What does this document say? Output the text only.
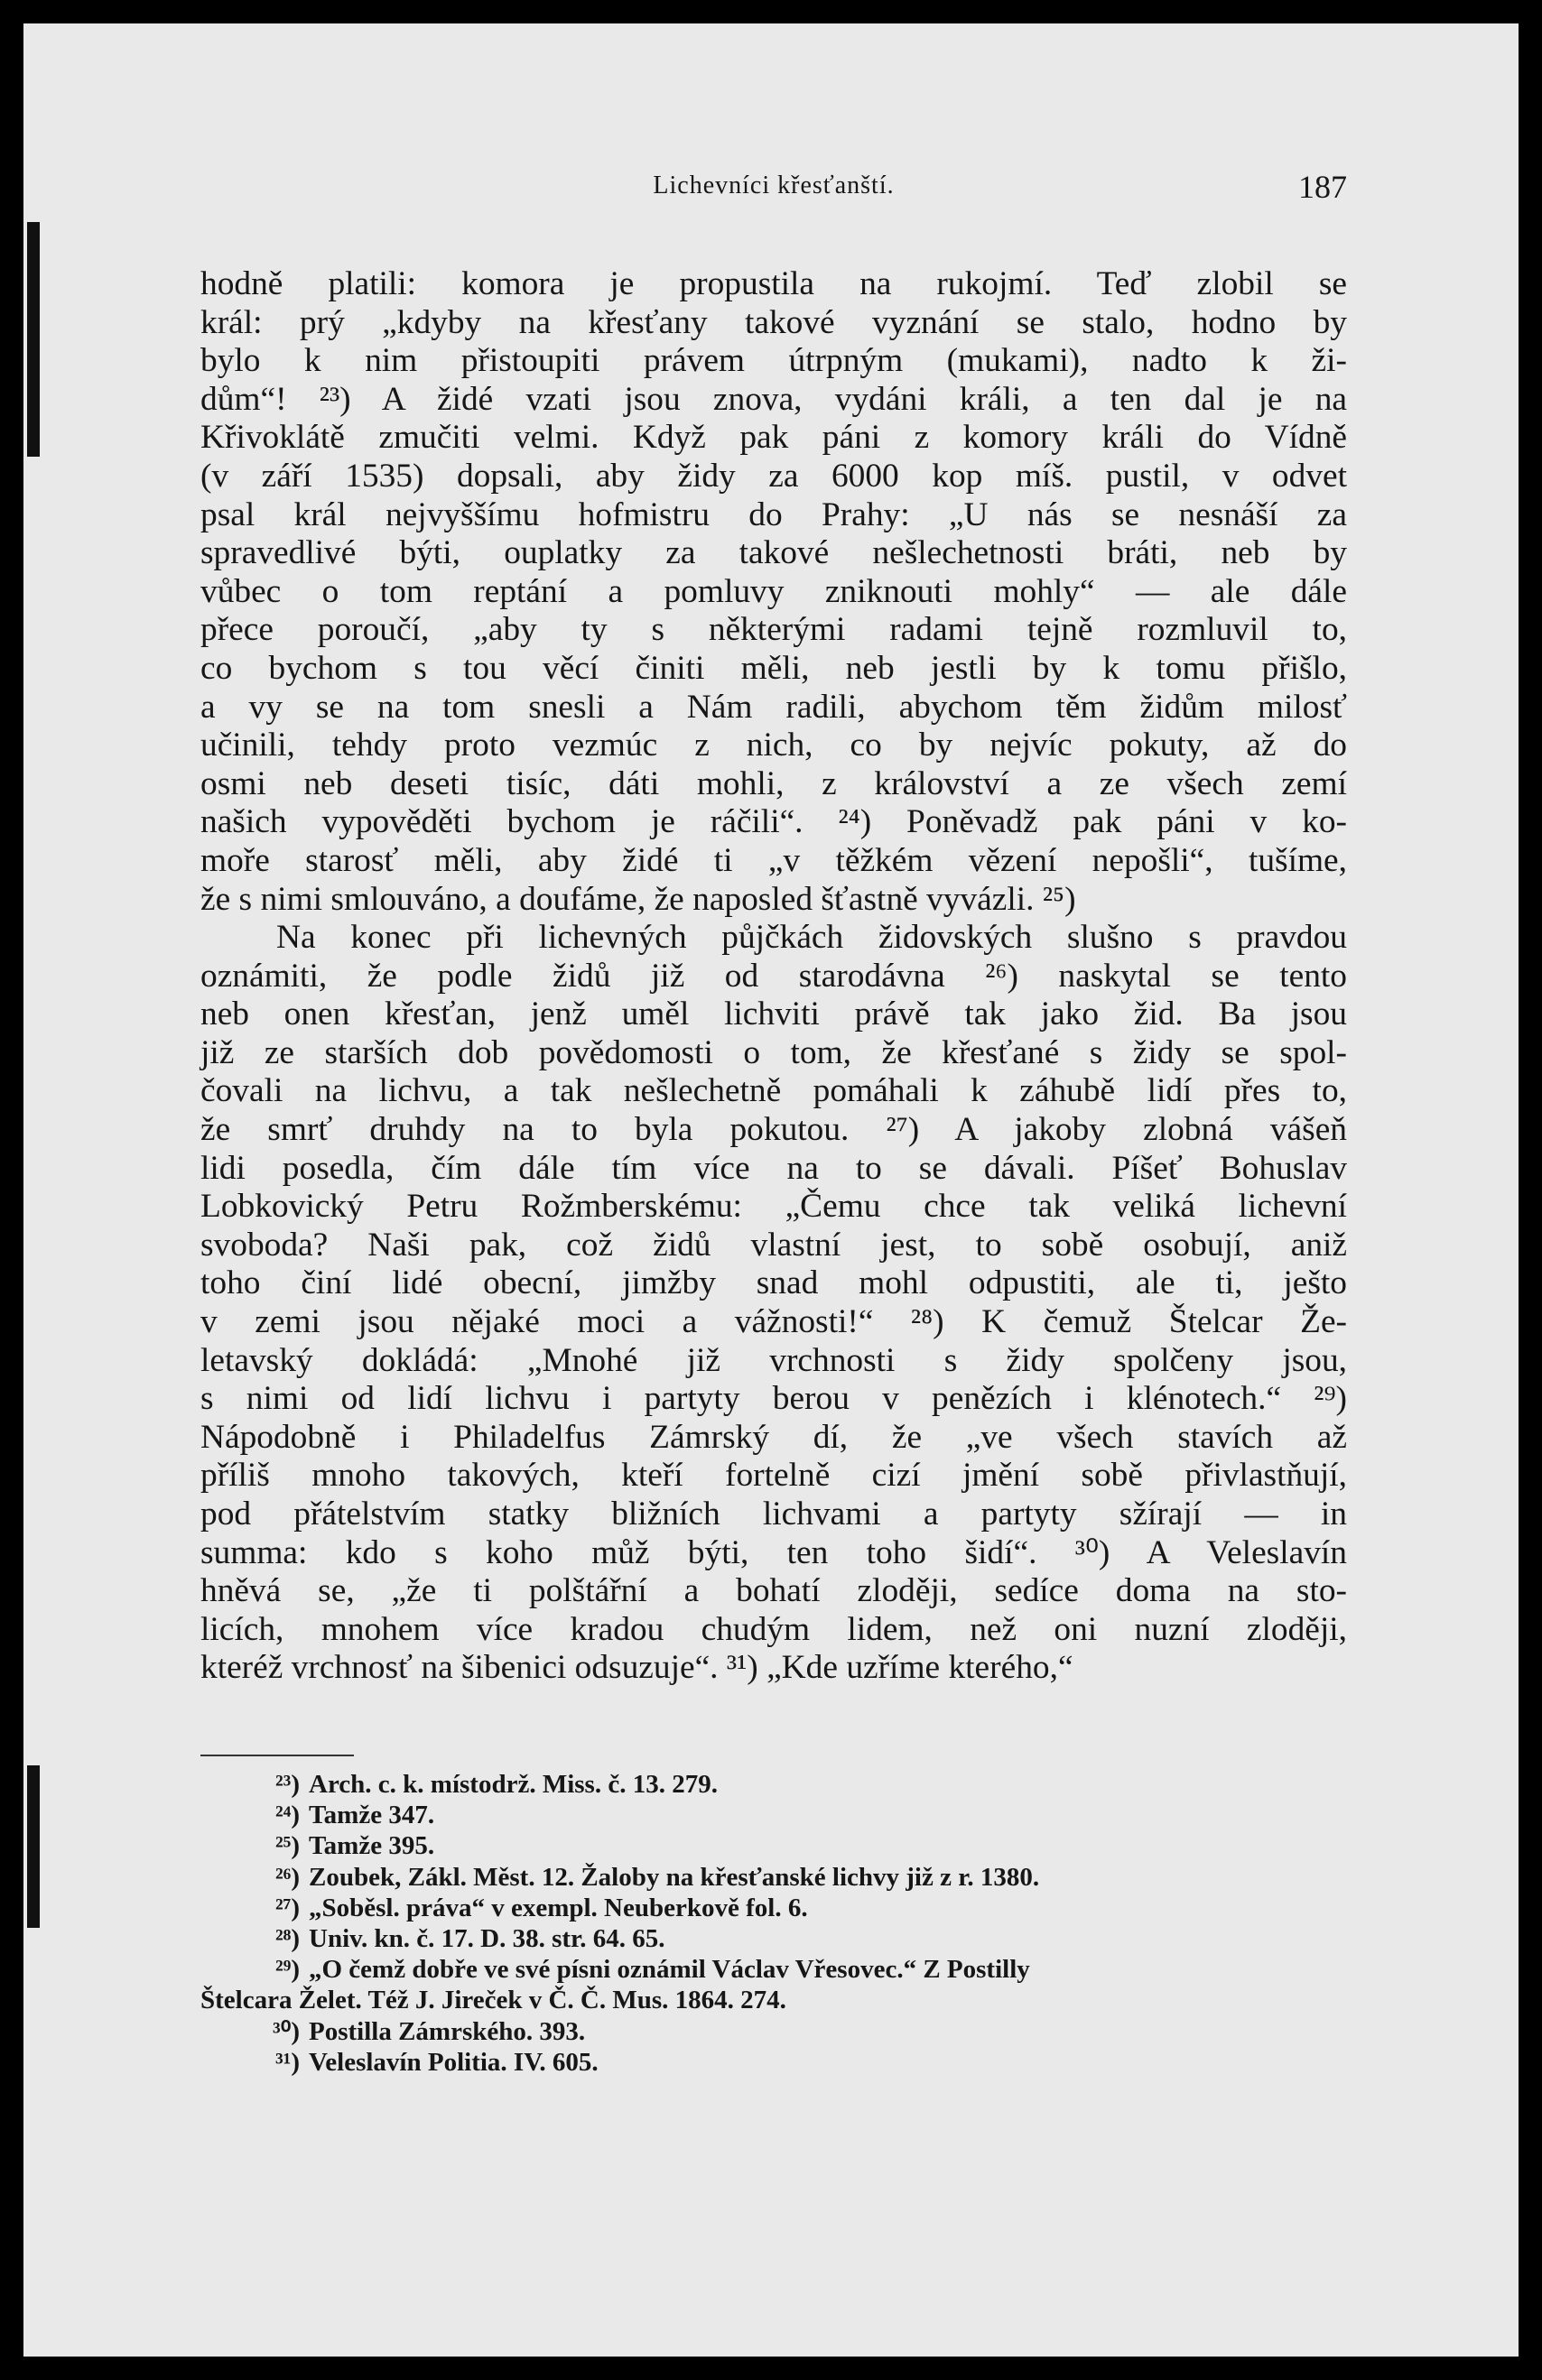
Lichevníci křesťanští.	187
hodně platili: komora je propustila na rukojmí. Teď zlobil se
král: prý „kdyby na křesťany takové vyznání se stalo, hodno by
bylo k nim přistoupiti právem útrpným (mukami), nadto k ži-
dům“! ²³) A židé vzati jsou znova, vydáni králi, a ten dal je na
Křivoklátě zmučiti velmi. Když pak páni z komory králi do Vídně
(v září 1535) dopsali, aby židy za 6000 kop míš. pustil, v odvet
psal král nejvyššímu hofmistru do Prahy: „U nás se nesnáší za
spravedlivé býti, ouplatky za takové nešlechetnosti bráti, neb by
vůbec o tom reptání a pomluvy zniknouti mohly“ — ale dále
přece poroučí, „aby ty s některými radami tejně rozmluvil to,
co bychom s tou věcí činiti měli, neb jestli by k tomu přišlo,
a vy se na tom snesli a Nám radili, abychom těm židům milosť
učinili, tehdy proto vezmúc z nich, co by nejvíc pokuty, až do
osmi neb deseti tisíc, dáti mohli, z království a ze všech zemí
našich vypověděti bychom je ráčili“. ²⁴) Poněvadž pak páni v ko-
moře starosť měli, aby židé ti „v těžkém vězení nepošli“, tušíme,
že s nimi smlouváno, a doufáme, že naposled šťastně vyvázli. ²⁵)
Na konec při lichevných půjčkách židovských slušno s pravdou
oznámiti, že podle židů již od starodávna ²⁶) naskytal se tento
neb onen křesťan, jenž uměl lichviti právě tak jako žid. Ba jsou
již ze starších dob povědomosti o tom, že křesťané s židy se spol-
čovali na lichvu, a tak nešlechetně pomáhali k záhubě lidí přes to,
že smrť druhdy na to byla pokutou. ²⁷) A jakoby zlobná vášeň
lidi posedla, čím dále tím více na to se dávali. Píšeť Bohuslav
Lobkovický Petru Rožmberskému: „Čemu chce tak veliká lichevní
svoboda? Naši pak, což židů vlastní jest, to sobě osobují, aniž
toho činí lidé obecní, jimžby snad mohl odpustiti, ale ti, ješto
v zemi jsou nějaké moci a vážnosti!“ ²⁸) K čemuž Štelcar Že-
letavský dokládá: „Mnohé již vrchnosti s židy spolčeny jsou,
s nimi od lidí lichvu i partyty berou v penězích i klénotech.“ ²⁹)
Nápodobně i Philadelfus Zámrský dí, že „ve všech stavích až
příliš mnoho takových, kteří fortelně cizí jmění sobě přivlastňují,
pod přátelstvím statky bližních lichvami a partyty sžírají — in
summa: kdo s koho můž býti, ten toho šidí“. ³⁰) A Veleslavín
hněvá se, „že ti polštářní a bohatí zloději, sedíce doma na sto-
licích, mnohem více kradou chudým lidem, než oni nuzní zloději,
kteréž vrchnosť na šibenici odsuzuje“. ³¹) „Kde uzříme kterého,“
²³) Arch. c. k. místodrž. Miss. č. 13. 279.
²⁴) Tamže 347.
²⁵) Tamže 395.
²⁶) Zoubek, Zákl. Měst. 12. Žaloby na křesťanské lichvy již z r. 1380.
²⁷) „Soběsl. práva“ v exempl. Neuberkově fol. 6.
²⁸) Univ. kn. č. 17. D. 38. str. 64. 65.
²⁹) „O čemž dobře ve své písni oznámil Václav Vřesovec.“ Z Postilly
Štelcara Želet. Též J. Jireček v Č. Č. Mus. 1864. 274.
³⁰) Postilla Zámrského. 393.
³¹) Veleslavín Politia. IV. 605.
